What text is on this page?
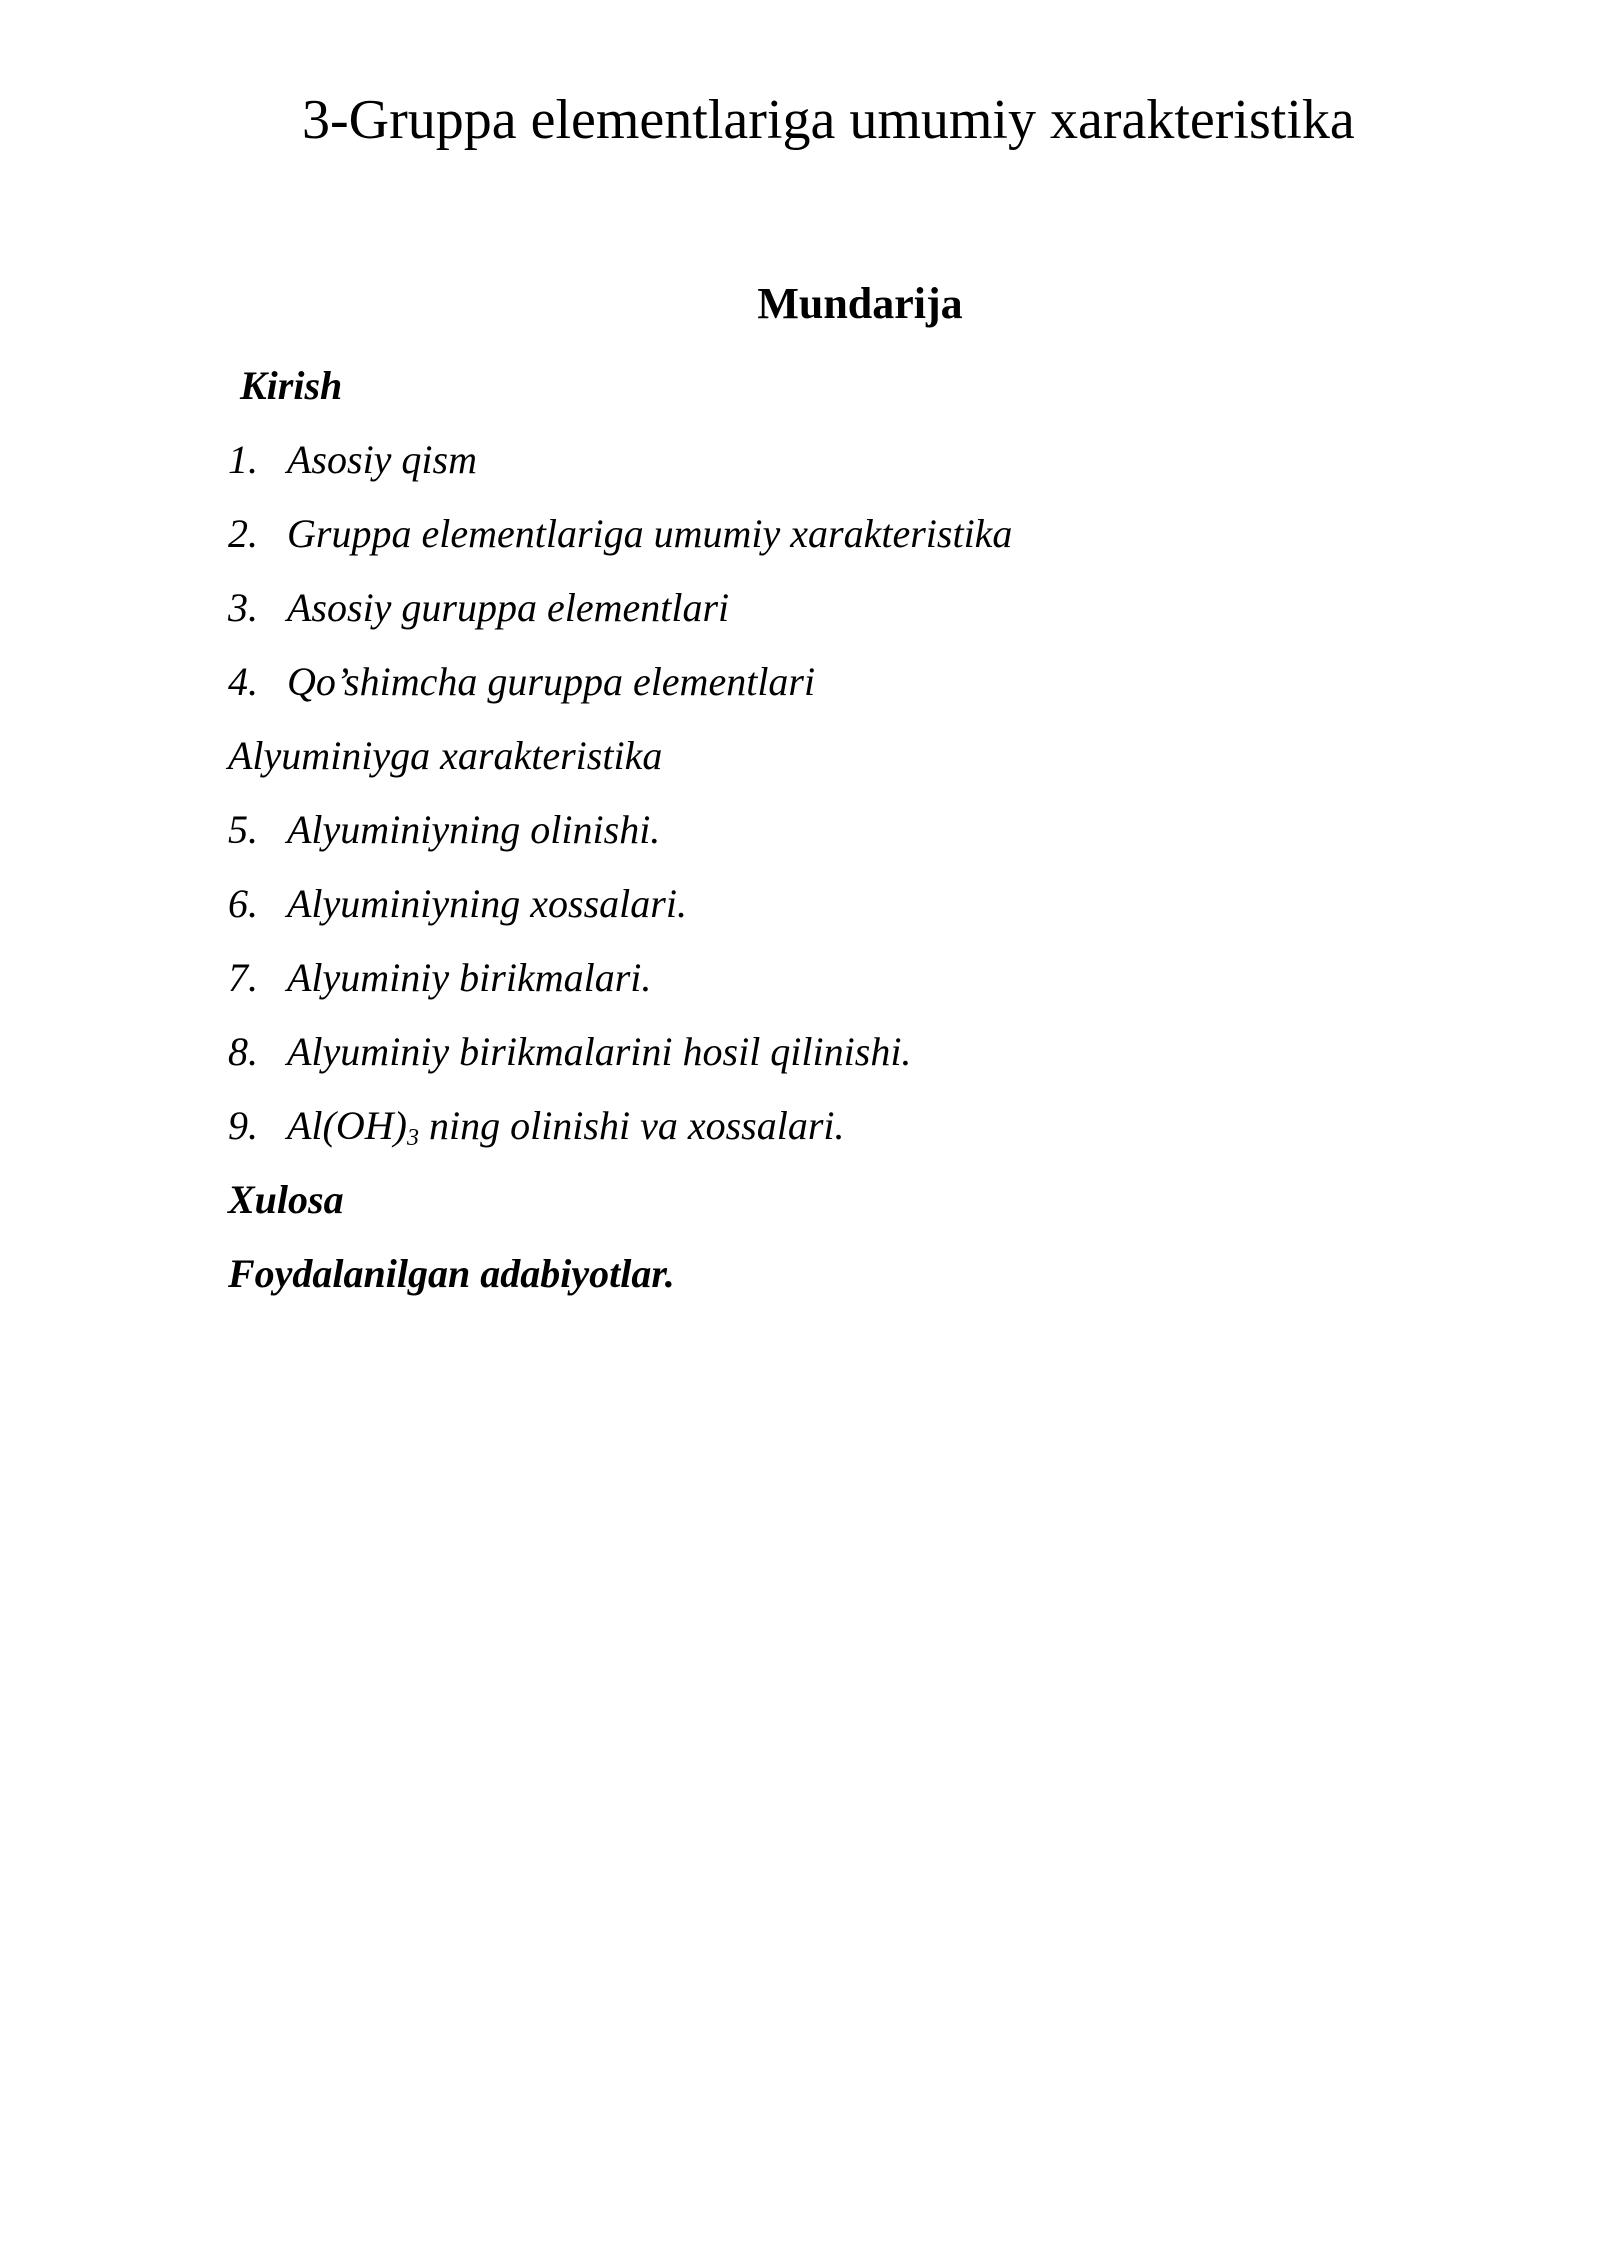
3-Gruppa elementlariga umumiy xarakteristika
Mundarija
Kirish
1. Asosiy qism
2. Gruppa elementlariga umumiy xarakteristika
3. Asosiy guruppa elementlari
4. Qo’shimcha guruppa elementlari
Alyuminiyga xarakteristika
5. Alyuminiyning olinishi.
6. Alyuminiyning xossalari.
7. Alyuminiy birikmalari.
8. Alyuminiy birikmalarini hosil qilinishi.
9. $Al(OH)_3$ ning olinishi va xossalari.
Xulosa
Foydalanilgan adabiyotlar.
